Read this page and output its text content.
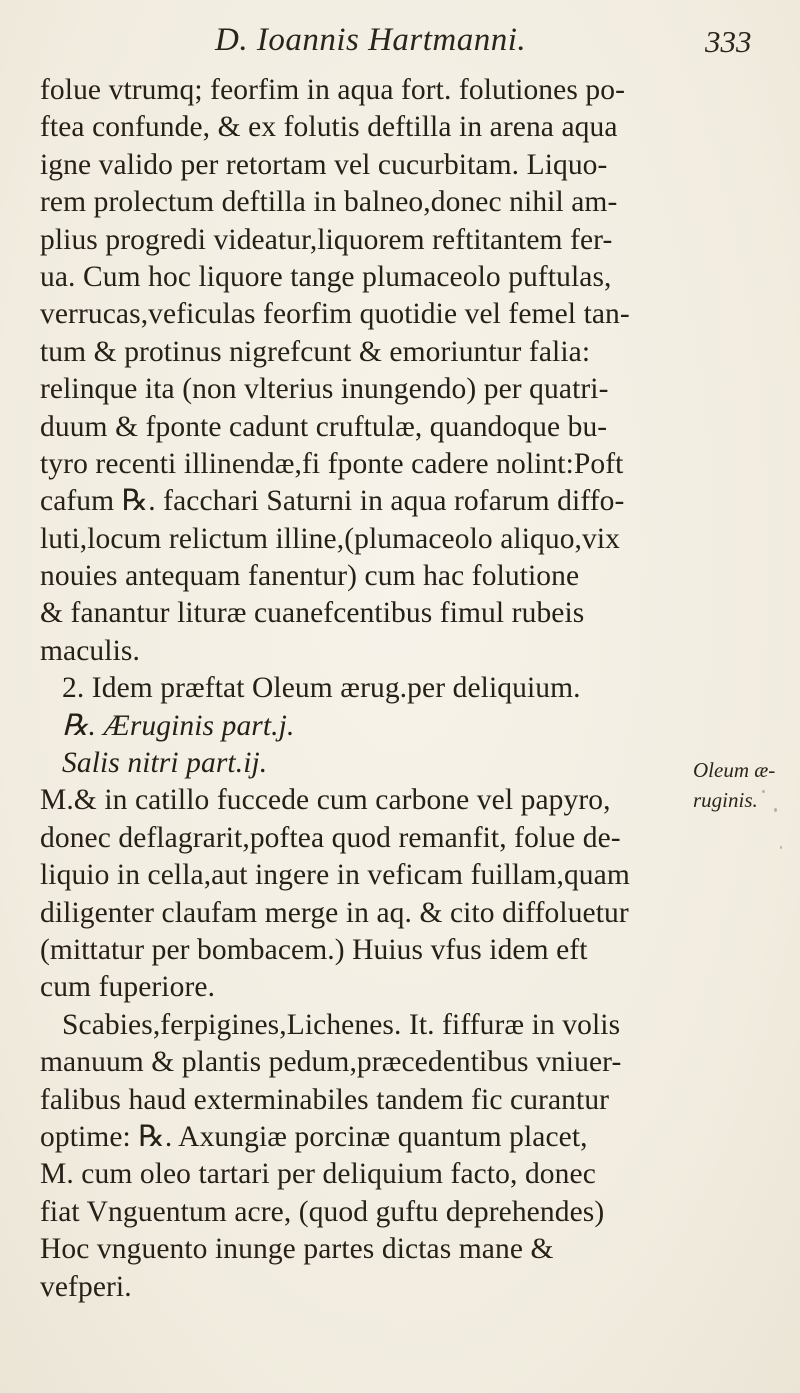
D. Ioannis Hartmanni.	333
folue vtrumq; feorfim in aqua fort. folutiones po-
ftea confunde, & ex folutis deftilla in arena aqua
igne valido per retortam vel cucurbitam. Liquo-
rem prolectum deftilla in balneo,donec nihil am-
plius progredi videatur,liquorem reftitantem fer-
ua. Cum hoc liquore tange plumaceolo puftulas,
verrucas,veficulas feorfim quotidie vel femel tan-
tum & protinus nigrefcunt & emoriuntur falia:
relinque ita (non vlterius inungendo) per quatri-
duum & fponte cadunt cruftulæ, quandoque bu-
tyro recenti illinendæ,fi fponte cadere nolint:Poft
cafum ℞. facchari Saturni in aqua rofarum diffo-
luti,locum relictum illine,(plumaceolo aliquo,vix
nouies antequam fanentur) cum hac folutione
& fanantur lituræ cuanefcentibus fimul rubeis
maculis.
2. Idem præftat Oleum ærug.per deliquium.
℞. Æruginis part.j.
Salis nitri part.ij.
M.& in catillo fuccede cum carbone vel papyro,
donec deflagrarit,poftea quod remanfit, folue de-
liquio in cella,aut ingere in veficam fuillam,quam
diligenter claufam merge in aq. & cito diffoluetur
(mittatur per bombacem.) Huius vfus idem eft
cum fuperiore.
Scabies,ferpigines,Lichenes. It. fiffuræ in volis
manuum & plantis pedum,præcedentibus vniuer-
falibus haud exterminabiles tandem fic curantur
optime: ℞. Axungiæ porcinæ quantum placet,
M. cum oleo tartari per deliquium facto, donec
fiat Vnguentum acre, (quod guftu deprehendes)
Hoc vnguento inunge partes dictas mane &
vefperi.
Oleum æ-
ruginis.
